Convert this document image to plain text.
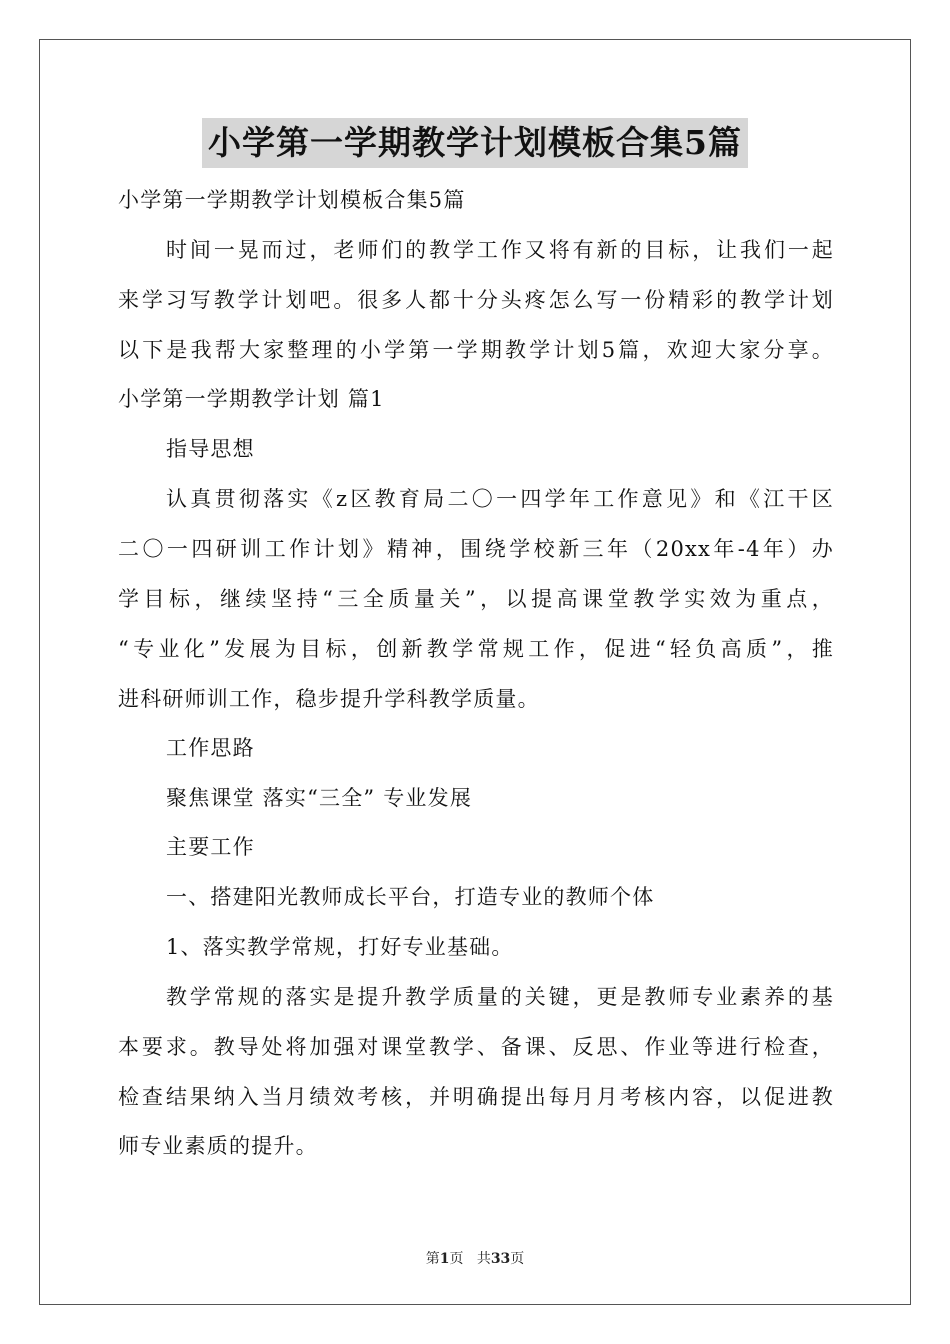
小学第一学期教学计划模板合集5篇
小学第一学期教学计划模板合集5篇
时间一晃而过，老师们的教学工作又将有新的目标，让我们一起
来学习写教学计划吧。很多人都十分头疼怎么写一份精彩的教学计划
以下是我帮大家整理的小学第一学期教学计划5篇，欢迎大家分享。
小学第一学期教学计划 篇1
指导思想
认真贯彻落实《z区教育局二〇一四学年工作意见》和《江干区
二〇一四研训工作计划》精神，围绕学校新三年（20xx年-4年）办
学目标，继续坚持“三全质量关”，以提高课堂教学实效为重点，
“专业化”发展为目标，创新教学常规工作，促进“轻负高质”，推
进科研师训工作，稳步提升学科教学质量。
工作思路
聚焦课堂 落实“三全” 专业发展
主要工作
一、搭建阳光教师成长平台，打造专业的教师个体
1、落实教学常规，打好专业基础。
教学常规的落实是提升教学质量的关键，更是教师专业素养的基
本要求。教导处将加强对课堂教学、备课、反思、作业等进行检查，
检查结果纳入当月绩效考核，并明确提出每月月考核内容，以促进教
师专业素质的提升。
第1页 共33页
